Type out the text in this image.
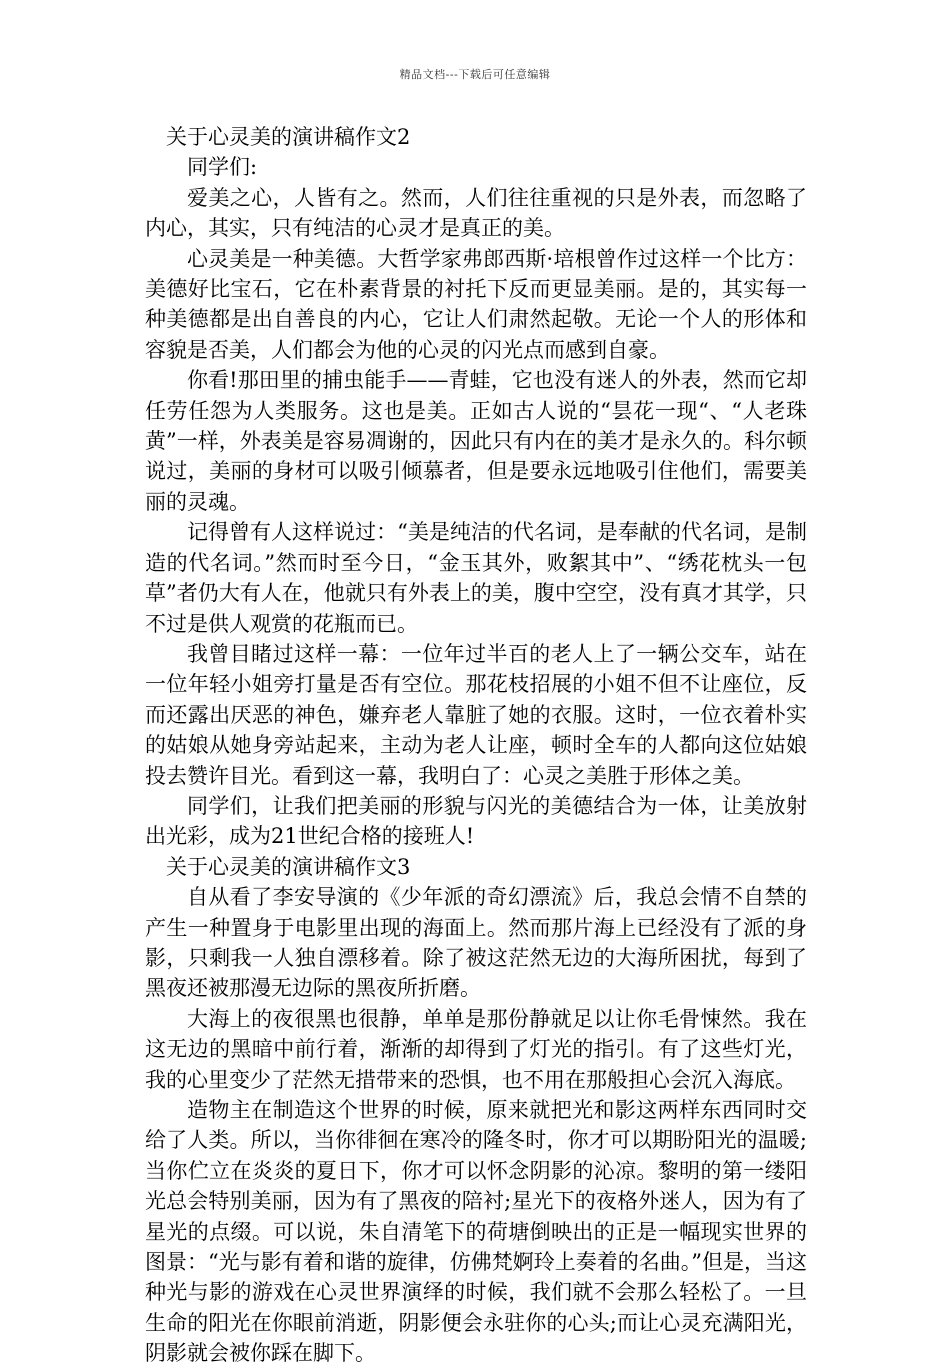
精品文档---下载后可任意编辑

关于心灵美的演讲稿作文2

同学们:

爱美之心，人皆有之。然而，人们往往重视的只是外表，而忽略了内心，其实，只有纯洁的心灵才是真正的美。

心灵美是一种美德。大哲学家弗郎西斯·培根曾作过这样一个比方：美德好比宝石，它在朴素背景的衬托下反而更显美丽。是的，其实每一种美德都是出自善良的内心，它让人们肃然起敬。无论一个人的形体和容貌是否美，人们都会为他的心灵的闪光点而感到自豪。

你看!那田里的捕虫能手——青蛙，它也没有迷人的外表，然而它却任劳任怨为人类服务。这也是美。正如古人说的“昙花一现“、“人老珠黄”一样，外表美是容易凋谢的，因此只有内在的美才是永久的。科尔顿说过，美丽的身材可以吸引倾慕者，但是要永远地吸引住他们，需要美丽的灵魂。

记得曾有人这样说过：“美是纯洁的代名词，是奉献的代名词，是制造的代名词。”然而时至今日，“金玉其外，败絮其中”、“绣花枕头一包草”者仍大有人在，他就只有外表上的美，腹中空空，没有真才其学，只不过是供人观赏的花瓶而已。

我曾目睹过这样一幕：一位年过半百的老人上了一辆公交车，站在一位年轻小姐旁打量是否有空位。那花枝招展的小姐不但不让座位，反而还露出厌恶的神色，嫌弃老人靠脏了她的衣服。这时，一位衣着朴实的姑娘从她身旁站起来，主动为老人让座，顿时全车的人都向这位姑娘投去赞许目光。看到这一幕，我明白了：心灵之美胜于形体之美。

同学们，让我们把美丽的形貌与闪光的美德结合为一体，让美放射出光彩，成为21世纪合格的接班人!

关于心灵美的演讲稿作文3

自从看了李安导演的《少年派的奇幻漂流》后，我总会情不自禁的产生一种置身于电影里出现的海面上。然而那片海上已经没有了派的身影，只剩我一人独自漂移着。除了被这茫然无边的大海所困扰，每到了黑夜还被那漫无边际的黑夜所折磨。

大海上的夜很黑也很静，单单是那份静就足以让你毛骨悚然。我在这无边的黑暗中前行着，渐渐的却得到了灯光的指引。有了这些灯光，我的心里变少了茫然无措带来的恐惧，也不用在那般担心会沉入海底。

造物主在制造这个世界的时候，原来就把光和影这两样东西同时交给了人类。所以，当你徘徊在寒冷的隆冬时，你才可以期盼阳光的温暖;当你伫立在炎炎的夏日下，你才可以怀念阴影的沁凉。黎明的第一缕阳光总会特别美丽，因为有了黑夜的陪衬;星光下的夜格外迷人，因为有了星光的点缀。可以说，朱自清笔下的荷塘倒映出的正是一幅现实世界的图景：“光与影有着和谐的旋律，仿佛梵婀玲上奏着的名曲。”但是，当这种光与影的游戏在心灵世界演绎的时候，我们就不会那么轻松了。一旦生命的阳光在你眼前消逝，阴影便会永驻你的心头;而让心灵充满阳光，阴影就会被你踩在脚下。
